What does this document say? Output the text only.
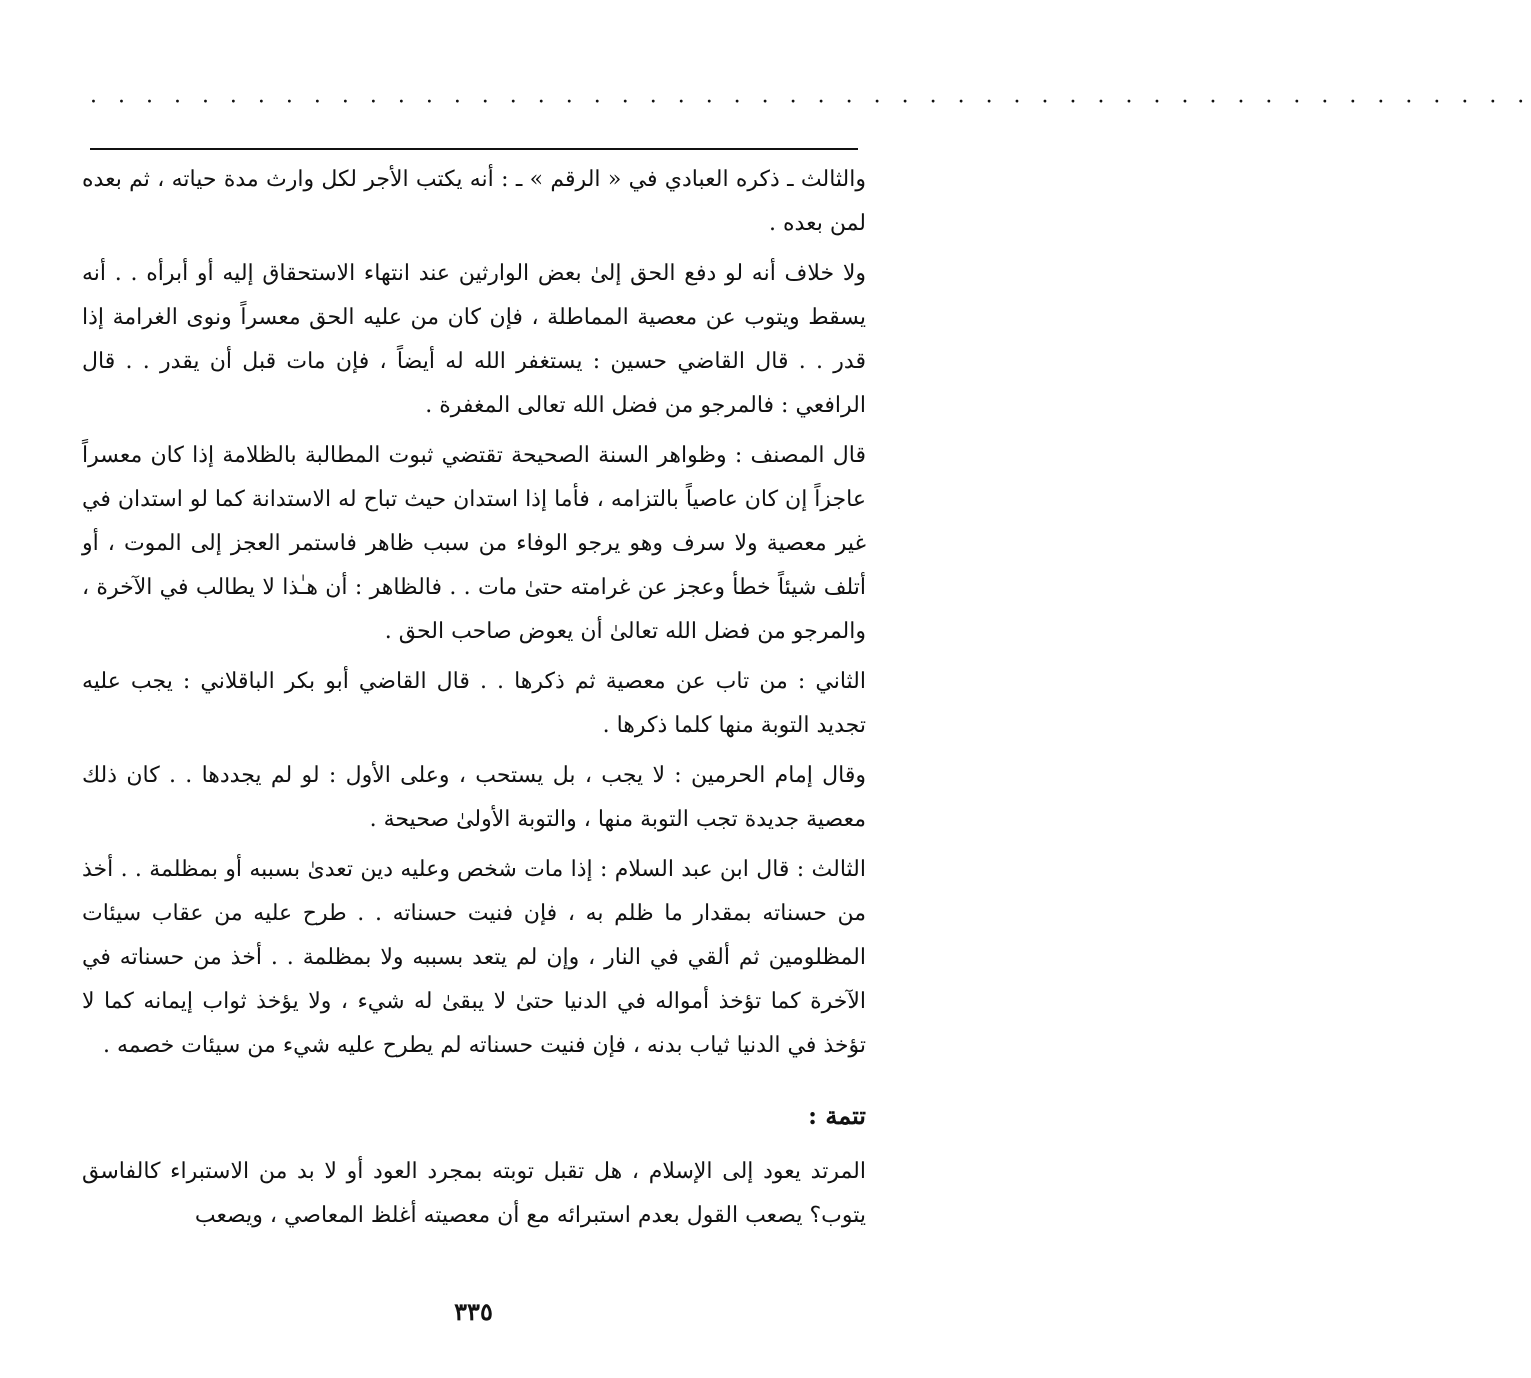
· · · · · · · · · · · · · · · · · · · · · · · · · · · · · · · · · · · · · · · · · · · · · · · · · · · ·

والثالث ـ ذكره العبادي في « الرقم » ـ : أنه يكتب الأجر لكل وارث مدة حياته ، ثم بعده لمن بعده .

ولا خلاف أنه لو دفع الحق إلىٰ بعض الوارثين عند انتهاء الاستحقاق إليه أو أبرأه . . أنه يسقط ويتوب عن معصية المماطلة ، فإن كان من عليه الحق معسراً ونوى الغرامة إذا قدر . . قال القاضي حسين : يستغفر الله له أيضاً ، فإن مات قبل أن يقدر . . قال الرافعي : فالمرجو من فضل الله تعالى المغفرة .

قال المصنف : وظواهر السنة الصحيحة تقتضي ثبوت المطالبة بالظلامة إذا كان معسراً عاجزاً إن كان عاصياً بالتزامه ، فأما إذا استدان حيث تباح له الاستدانة كما لو استدان في غير معصية ولا سرف وهو يرجو الوفاء من سبب ظاهر فاستمر العجز إلى الموت ، أو أتلف شيئاً خطأ وعجز عن غرامته حتىٰ مات . . فالظاهر : أن هـٰذا لا يطالب في الآخرة ، والمرجو من فضل الله تعالىٰ أن يعوض صاحب الحق .

الثاني : من تاب عن معصية ثم ذكرها . . قال القاضي أبو بكر الباقلاني : يجب عليه تجديد التوبة منها كلما ذكرها .

وقال إمام الحرمين : لا يجب ، بل يستحب ، وعلى الأول : لو لم يجددها . . كان ذلك معصية جديدة تجب التوبة منها ، والتوبة الأولىٰ صحيحة .

الثالث : قال ابن عبد السلام : إذا مات شخص وعليه دين تعدىٰ بسببه أو بمظلمة . . أخذ من حسناته بمقدار ما ظلم به ، فإن فنيت حسناته . . طرح عليه من عقاب سيئات المظلومين ثم ألقي في النار ، وإن لم يتعد بسببه ولا بمظلمة . . أخذ من حسناته في الآخرة كما تؤخذ أمواله في الدنيا حتىٰ لا يبقىٰ له شيء ، ولا يؤخذ ثواب إيمانه كما لا تؤخذ في الدنيا ثياب بدنه ، فإن فنيت حسناته لم يطرح عليه شيء من سيئات خصمه .

تتمة :

المرتد يعود إلى الإسلام ، هل تقبل توبته بمجرد العود أو لا بد من الاستبراء كالفاسق يتوب؟ يصعب القول بعدم استبرائه مع أن معصيته أغلظ المعاصي ، ويصعب

٣٣٥
